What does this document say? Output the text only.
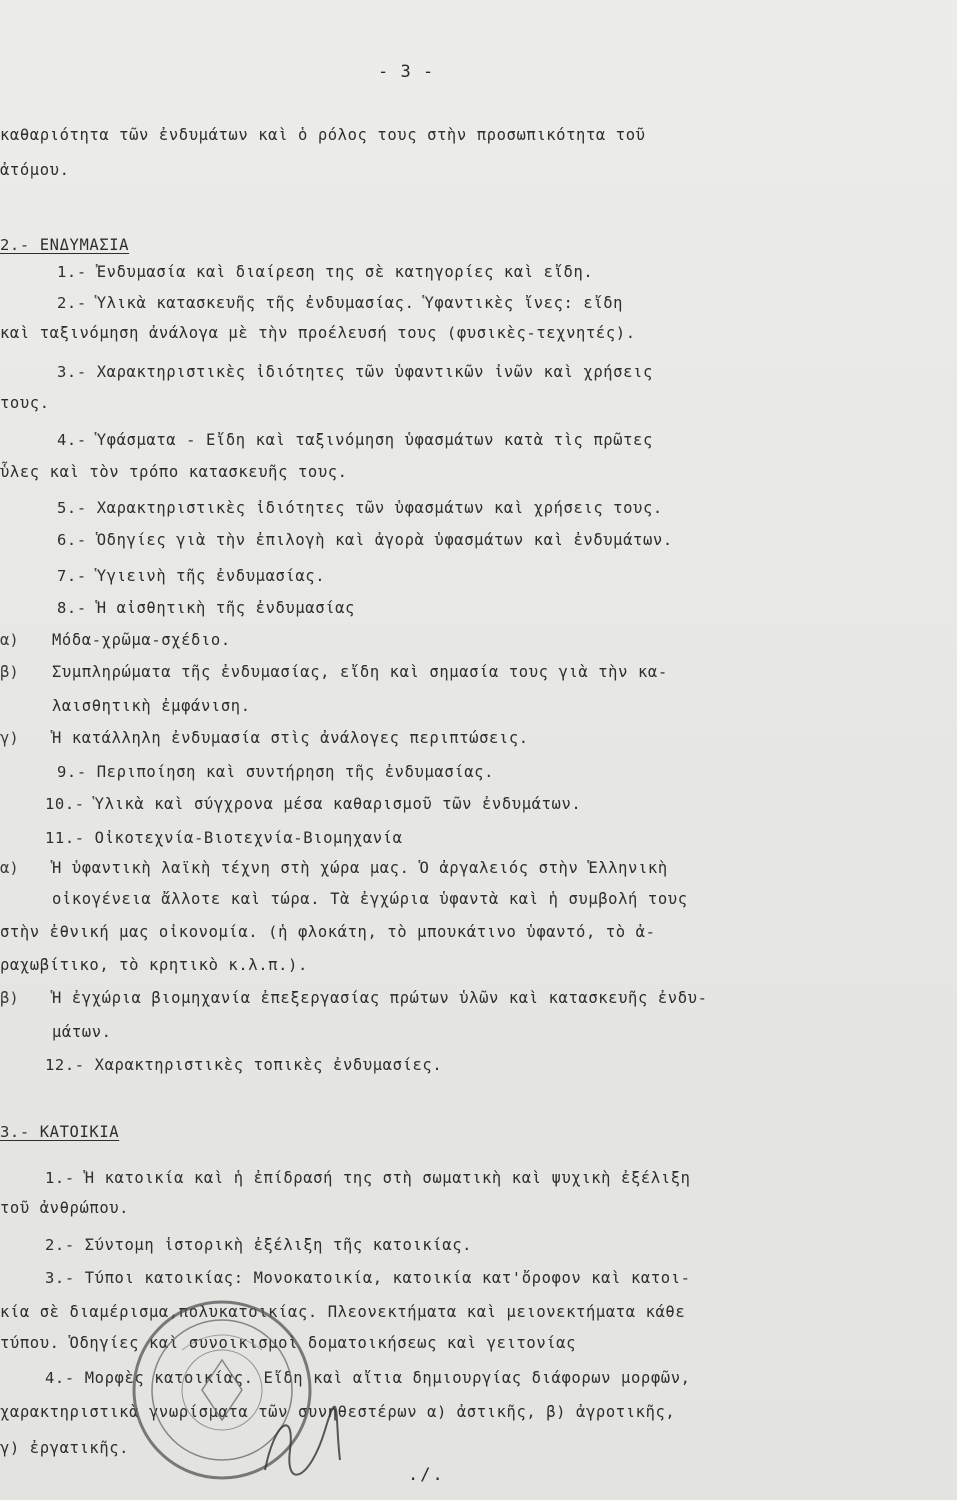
- 3 -
καθαριότητα τῶν ἐνδυμάτων καὶ ὁ ρόλος τους στὴν προσωπικότητα τοῦ
ἀτόμου.
2.- ΕΝΔΥΜΑΣΙΑ
1.- Ἐνδυμασία καὶ διαίρεση της σὲ κατηγορίες καὶ εἴδη.
2.- Ὑλικὰ κατασκευῆς τῆς ἐνδυμασίας. Ὑφαντικὲς ἴνες: εἴδη
καὶ ταξινόμηση ἀνάλογα μὲ τὴν προέλευσή τους (φυσικὲς-τεχνητές).
3.- Χαρακτηριστικὲς ἰδιότητες τῶν ὑφαντικῶν ἰνῶν καὶ χρήσεις
τους.
4.- Ὑφάσματα - Εἴδη καὶ ταξινόμηση ὑφασμάτων κατὰ τὶς πρῶτες
ὗλες καὶ τὸν τρόπο κατασκευῆς τους.
5.- Χαρακτηριστικὲς ἰδιότητες τῶν ὑφασμάτων καὶ χρήσεις τους.
6.- Ὁδηγίες γιὰ τὴν ἐπιλογὴ καὶ ἀγορὰ ὑφασμάτων καὶ ἐνδυμάτων.
7.- Ὑγιεινὴ τῆς ἐνδυμασίας.
8.- Ἡ αἰσθητικὴ τῆς ἐνδυμασίας
α) Μόδα-χρῶμα-σχέδιο.
β) Συμπληρώματα τῆς ἐνδυμασίας, εἴδη καὶ σημασία τους γιὰ τὴν κα-
λαισθητικὴ ἐμφάνιση.
γ) Ἡ κατάλληλη ἐνδυμασία στὶς ἀνάλογες περιπτώσεις.
9.- Περιποίηση καὶ συντήρηση τῆς ἐνδυμασίας.
10.- Ὑλικὰ καὶ σύγχρονα μέσα καθαρισμοῦ τῶν ἐνδυμάτων.
11.- Οἰκοτεχνία-Βιοτεχνία-Βιομηχανία
α) Ἡ ὑφαντικὴ λαϊκὴ τέχνη στὴ χώρα μας. Ὁ ἀργαλειός στὴν Ἑλληνικὴ
οἰκογένεια ἄλλοτε καὶ τώρα. Τὰ ἐγχώρια ὑφαντὰ καὶ ἡ συμβολή τους
στὴν ἐθνική μας οἰκονομία. (ἡ φλοκάτη, τὸ μπουκάτινο ὑφαντό, τὸ ἀ-
ραχωβίτικο, τὸ κρητικὸ κ.λ.π.).
β) Ἡ ἐγχώρια βιομηχανία ἐπεξεργασίας πρώτων ὑλῶν καὶ κατασκευῆς ἐνδυ-
μάτων.
12.- Χαρακτηριστικὲς τοπικὲς ἐνδυμασίες.
3.- ΚΑΤΟΙΚΙΑ
1.- Ἡ κατοικία καὶ ἡ ἐπίδρασή της στὴ σωματικὴ καὶ ψυχικὴ ἐξέλιξη
τοῦ ἀνθρώπου.
2.- Σύντομη ἱστορικὴ ἐξέλιξη τῆς κατοικίας.
3.- Τύποι κατοικίας: Μονοκατοικία, κατοικία κατ'ὄροφον καὶ κατοι-
κία σὲ διαμέρισμα,πολυκατοικίας. Πλεονεκτήματα καὶ μειονεκτήματα κάθε
τύπου. Ὁδηγίες καὶ συνοικισμοὶ δοματοικήσεως καὶ γειτονίας
4.- Μορφὲς κατοικίας. Εἴδη καὶ αἴτια δημιουργίας διάφορων μορφῶν,
χαρακτηριστικὰ γνωρίσματα τῶν συνηθεστέρων α) ἀστικῆς, β) ἀγροτικῆς,
γ) ἐργατικῆς.
./.
